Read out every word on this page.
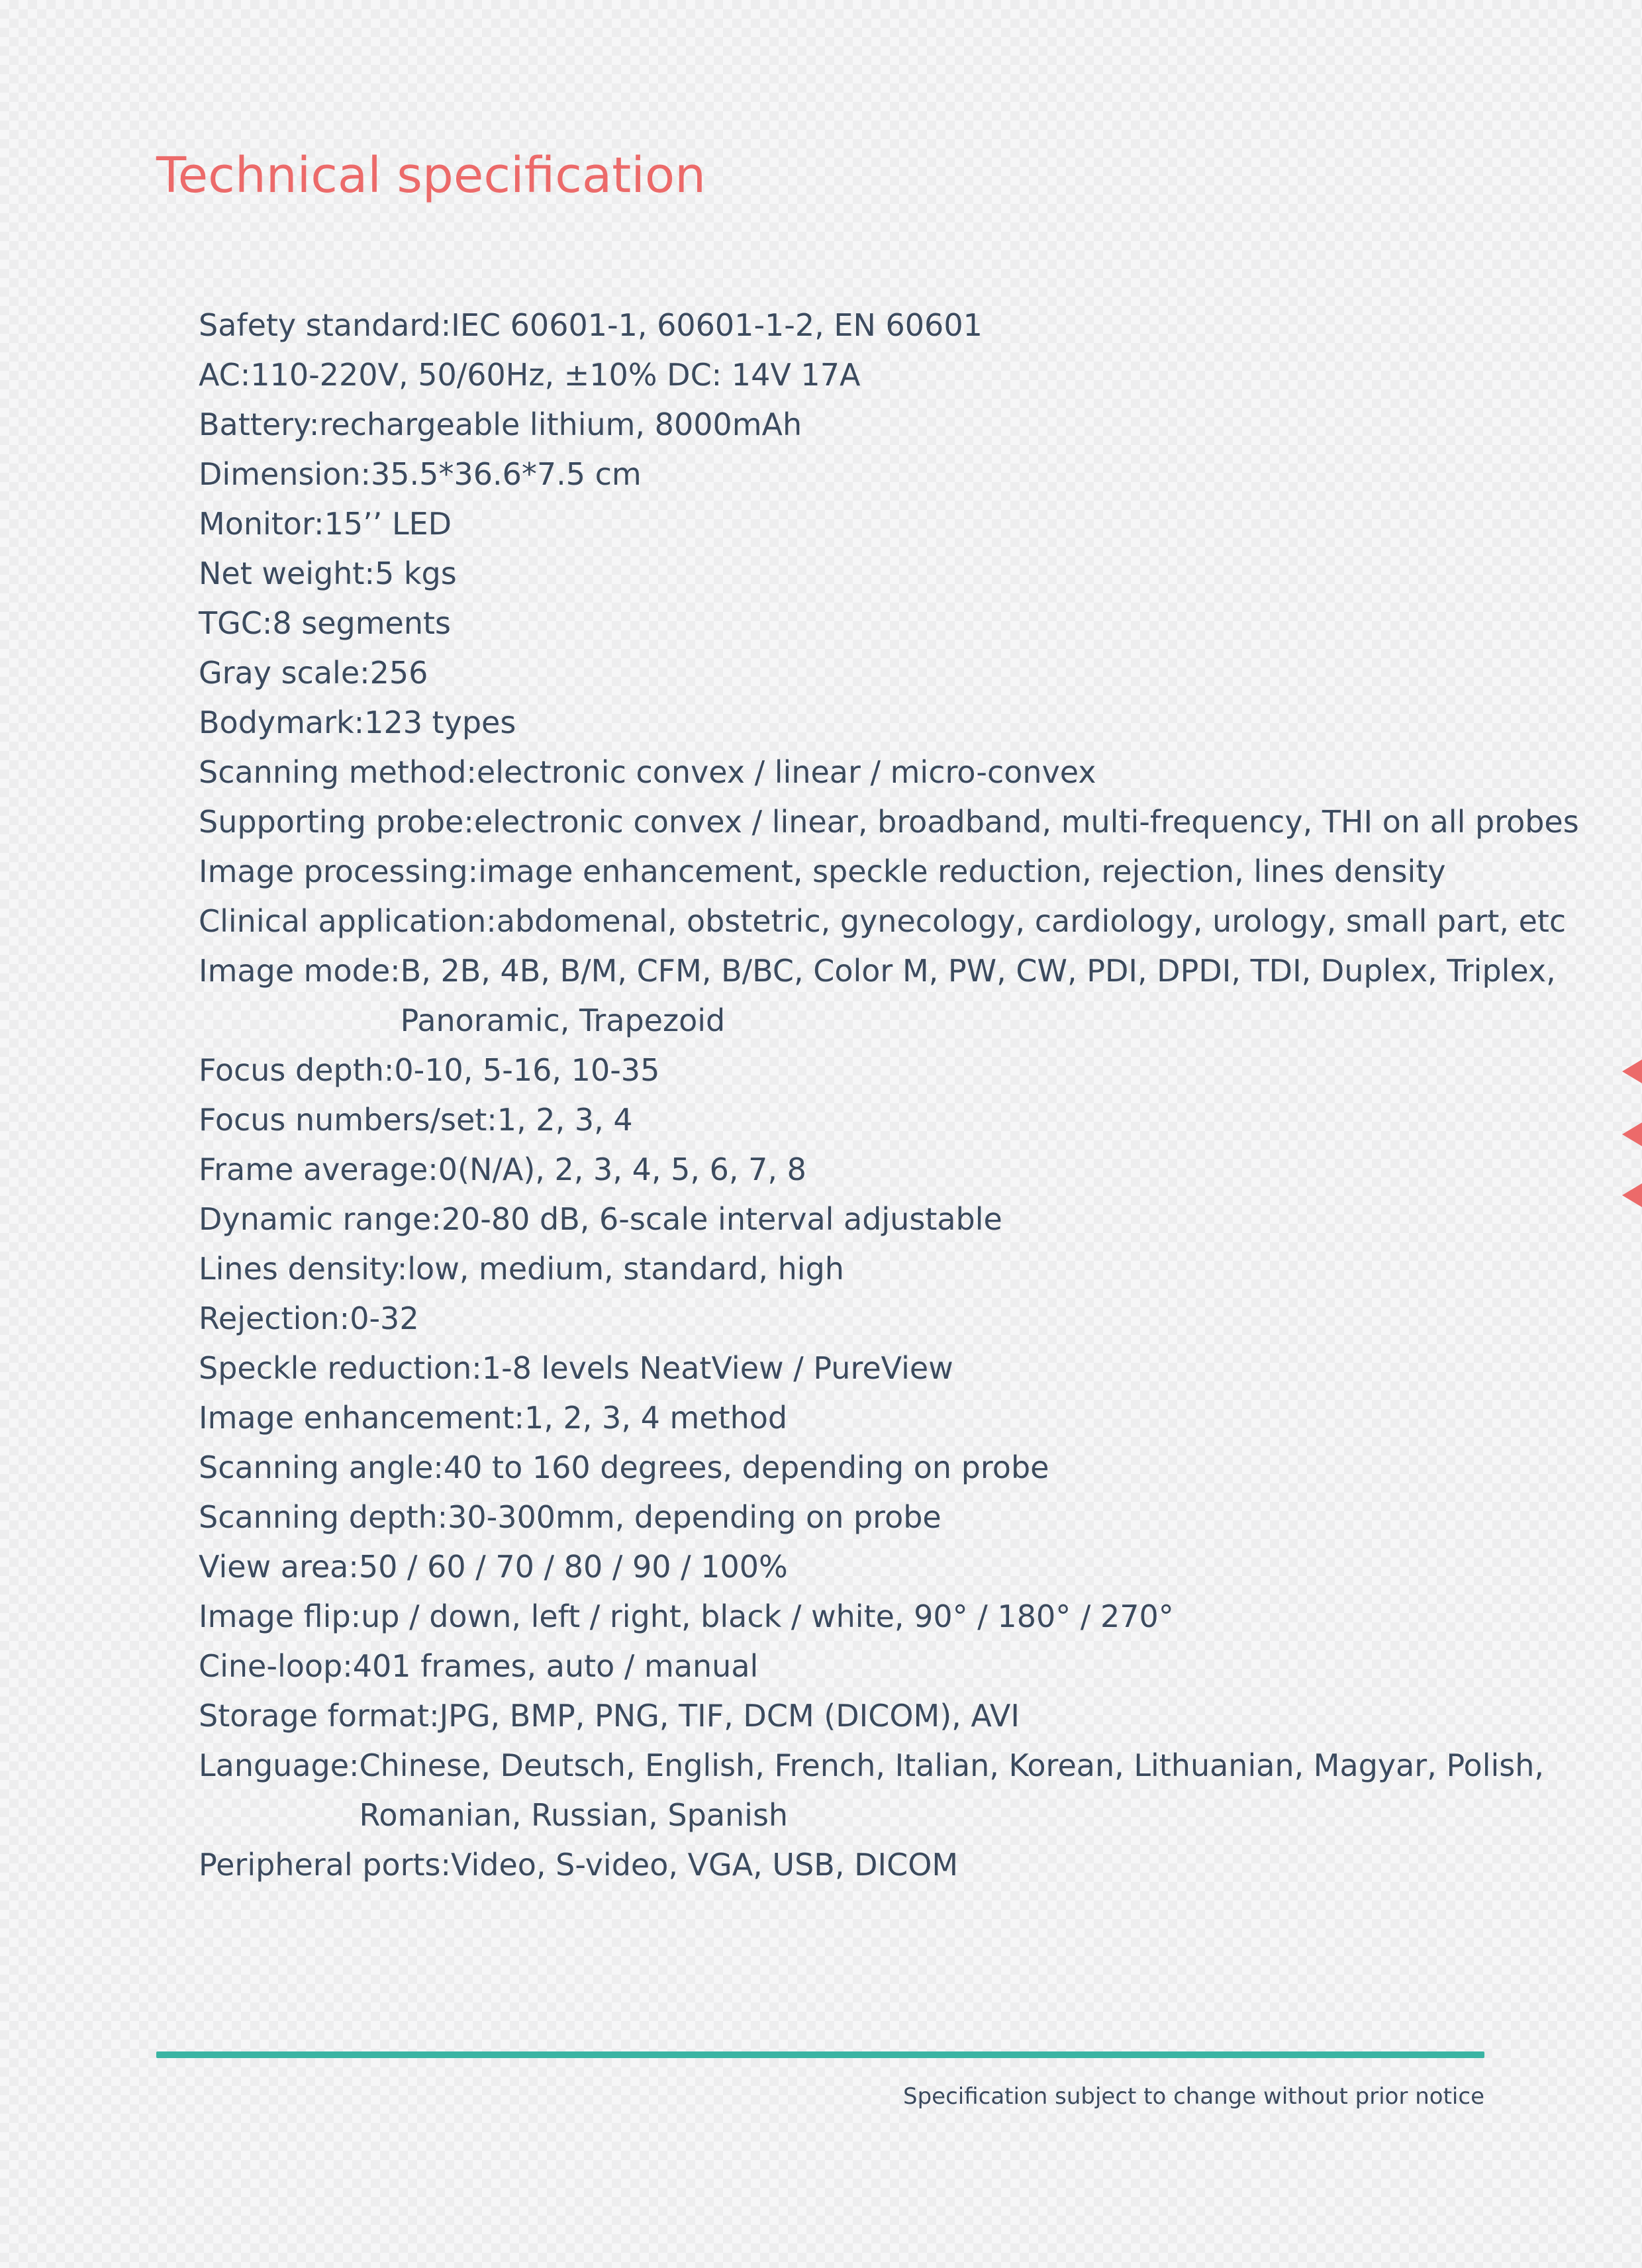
Technical specification
Safety standard: IEC 60601-1, 60601-1-2, EN 60601
AC: 110-220V, 50/60Hz, ±10% DC: 14V 17A
Battery: rechargeable lithium, 8000mAh
Dimension: 35.5*36.6*7.5 cm
Monitor: 15’’ LED
Net weight: 5 kgs
TGC: 8 segments
Gray scale: 256
Bodymark: 123 types
Scanning method: electronic convex / linear / micro-convex
Supporting probe: electronic convex / linear, broadband, multi-frequency, THI on all probes
Image processing: image enhancement, speckle reduction, rejection, lines density
Clinical application: abdomenal, obstetric, gynecology, cardiology, urology, small part, etc
Image mode: B, 2B, 4B, B/M, CFM, B/BC, Color M, PW, CW, PDI, DPDI, TDI, Duplex, Triplex,
Panoramic, Trapezoid
Focus depth: 0-10, 5-16, 10-35
Focus numbers/set: 1, 2, 3, 4
Frame average: 0(N/A), 2, 3, 4, 5, 6, 7, 8
Dynamic range: 20-80 dB, 6-scale interval adjustable
Lines density: low, medium, standard, high
Rejection: 0-32
Speckle reduction: 1-8 levels NeatView / PureView
Image enhancement: 1, 2, 3, 4 method
Scanning angle: 40 to 160 degrees, depending on probe
Scanning depth: 30-300mm, depending on probe
View area: 50 / 60 / 70 / 80 / 90 / 100%
Image flip: up / down, left / right, black / white, 90° / 180° / 270°
Cine-loop: 401 frames, auto / manual
Storage format: JPG, BMP, PNG, TIF, DCM (DICOM), AVI
Language: Chinese, Deutsch, English, French, Italian, Korean, Lithuanian, Magyar, Polish,
Romanian, Russian, Spanish
Peripheral ports: Video, S-video, VGA, USB, DICOM
Specification subject to change without prior notice
